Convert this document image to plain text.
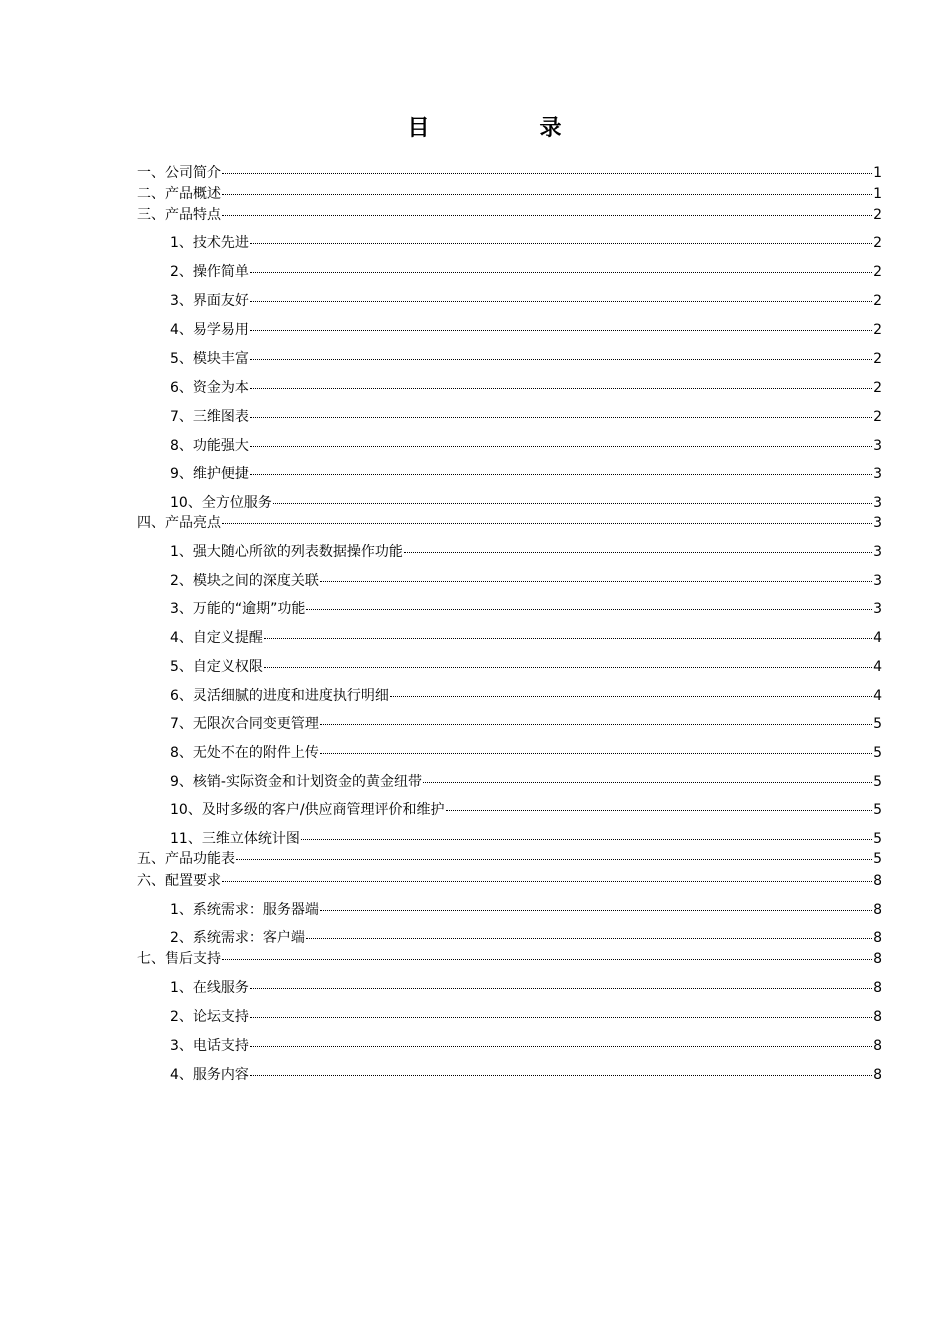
目　录
一、公司简介	1
二、产品概述	1
三、产品特点	2
1、技术先进	2
2、操作简单	2
3、界面友好	2
4、易学易用	2
5、模块丰富	2
6、资金为本	2
7、三维图表	2
8、功能强大	3
9、维护便捷	3
10、全方位服务	3
四、产品亮点	3
1、强大随心所欲的列表数据操作功能	3
2、模块之间的深度关联	3
3、万能的“逾期”功能	3
4、自定义提醒	4
5、自定义权限	4
6、灵活细腻的进度和进度执行明细	4
7、无限次合同变更管理	5
8、无处不在的附件上传	5
9、核销-实际资金和计划资金的黄金纽带	5
10、及时多级的客户/供应商管理评价和维护	5
11、三维立体统计图	5
五、产品功能表	5
六、配置要求	8
1、系统需求：服务器端	8
2、系统需求：客户端	8
七、售后支持	8
1、在线服务	8
2、论坛支持	8
3、电话支持	8
4、服务内容	8
